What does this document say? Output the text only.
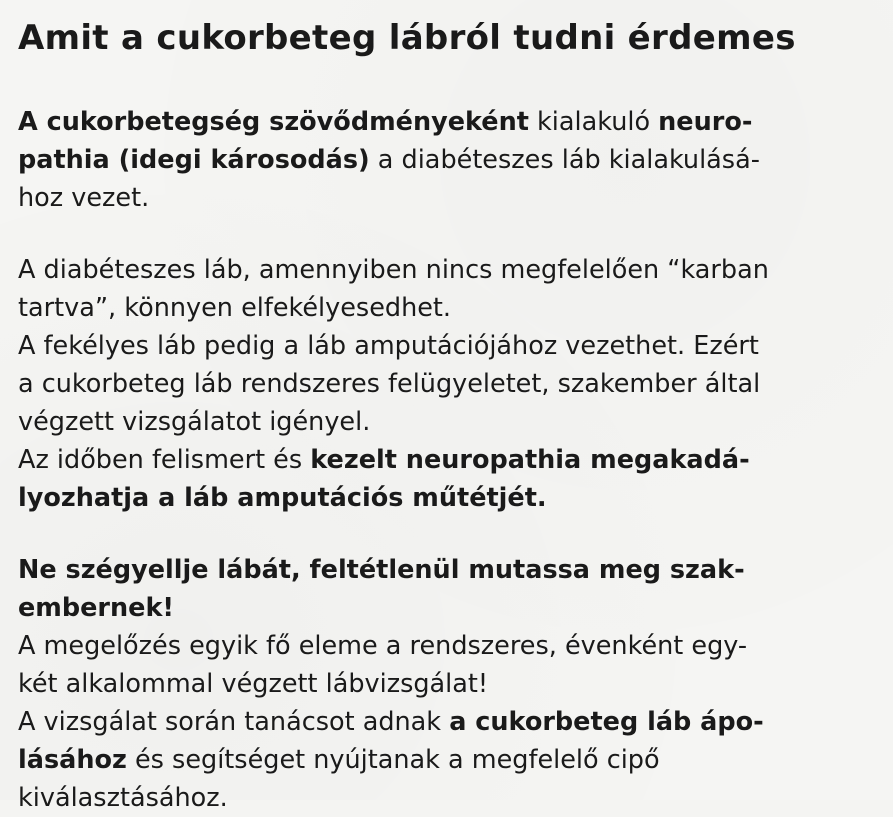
Amit a cukorbeteg lábról tudni érdemes

A cukorbetegség szövődményeként kialakuló neuro-

pathia (idegi károsodás) a diabéteszes láb kialakulásá-

hoz vezet.

A diabéteszes láb, amennyiben nincs megfelelően “karban

tartva”, könnyen elfekélyesedhet.

A fekélyes láb pedig a láb amputációjához vezethet. Ezért

a cukorbeteg láb rendszeres felügyeletet, szakember által

végzett vizsgálatot igényel.

Az időben felismert és kezelt neuropathia megakadá-

lyozhatja a láb amputációs műtétjét.

Ne szégyellje lábát, feltétlenül mutassa meg szak-

embernek!

A megelőzés egyik fő eleme a rendszeres, évenként egy-

két alkalommal végzett lábvizsgálat!

A vizsgálat során tanácsot adnak a cukorbeteg láb ápo-

lásához és segítséget nyújtanak a megfelelő cipő

kiválasztásához.
